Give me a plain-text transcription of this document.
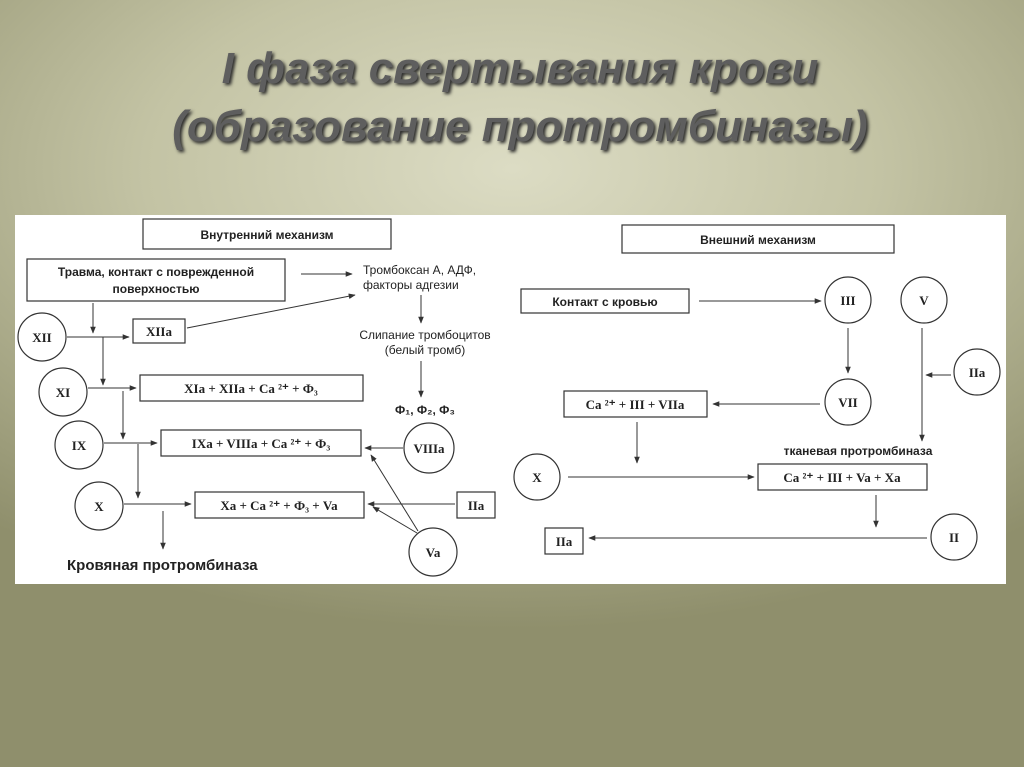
I фаза свертывания крови
(образование протромбиназы)
Внутренний механизм
Травма, контакт с поврежденной
поверхностью
Тромбоксан А, АДФ,
факторы адгезии
Слипание тромбоцитов
(белый тромб)
Ф₁, Ф₂, Ф₃
XII	XIIa
XI	XIa + XIIa + Ca ²⁺ + Ф₃
IX	IXa + VIIIa + Ca ²⁺ + Ф₃	VIIIa
X	Xa + Ca ²⁺ + Ф₃ + Va	IIa
Va
Кровяная протромбиназа
Внешний механизм
Контакт с кровью	III	V
IIa
VII
Ca ²⁺ + III + VIIa
тканевая протромбиназа
X	Ca ²⁺ + III + Va + Xa
II
IIa
